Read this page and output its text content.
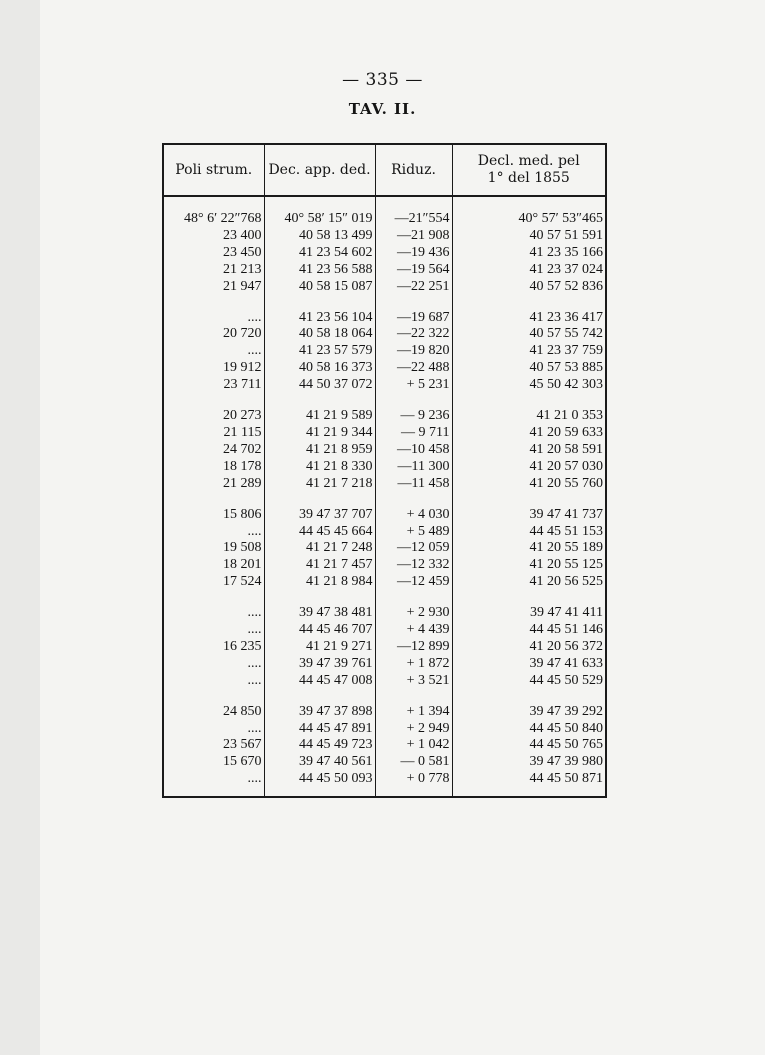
— 335 —
TAV. II.
Poli strum.	Dec. app. ded.	Riduz.	Decl. med. pel
1° del 1855

48° 6′ 22″768	40° 58′ 15″ 019	—21″554	40° 57′ 53″465
23 400	40 58 13 499	—21 908	40 57 51 591
23 450	41 23 54 602	—19 436	41 23 35 166
21 213	41 23 56 588	—19 564	41 23 37 024
21 947	40 58 15 087	—22 251	40 57 52 836

....	41 23 56 104	—19 687	41 23 36 417
20 720	40 58 18 064	—22 322	40 57 55 742
....	41 23 57 579	—19 820	41 23 37 759
19 912	40 58 16 373	—22 488	40 57 53 885
23 711	44 50 37 072	+ 5 231	45 50 42 303

20 273	41 21 9 589	— 9 236	41 21 0 353
21 115	41 21 9 344	— 9 711	41 20 59 633
24 702	41 21 8 959	—10 458	41 20 58 591
18 178	41 21 8 330	—11 300	41 20 57 030
21 289	41 21 7 218	—11 458	41 20 55 760

15 806	39 47 37 707	+ 4 030	39 47 41 737
....	44 45 45 664	+ 5 489	44 45 51 153
19 508	41 21 7 248	—12 059	41 20 55 189
18 201	41 21 7 457	—12 332	41 20 55 125
17 524	41 21 8 984	—12 459	41 20 56 525

....	39 47 38 481	+ 2 930	39 47 41 411
....	44 45 46 707	+ 4 439	44 45 51 146
16 235	41 21 9 271	—12 899	41 20 56 372
....	39 47 39 761	+ 1 872	39 47 41 633
....	44 45 47 008	+ 3 521	44 45 50 529

24 850	39 47 37 898	+ 1 394	39 47 39 292
....	44 45 47 891	+ 2 949	44 45 50 840
23 567	44 45 49 723	+ 1 042	44 45 50 765
15 670	39 47 40 561	— 0 581	39 47 39 980
....	44 45 50 093	+ 0 778	44 45 50 871
